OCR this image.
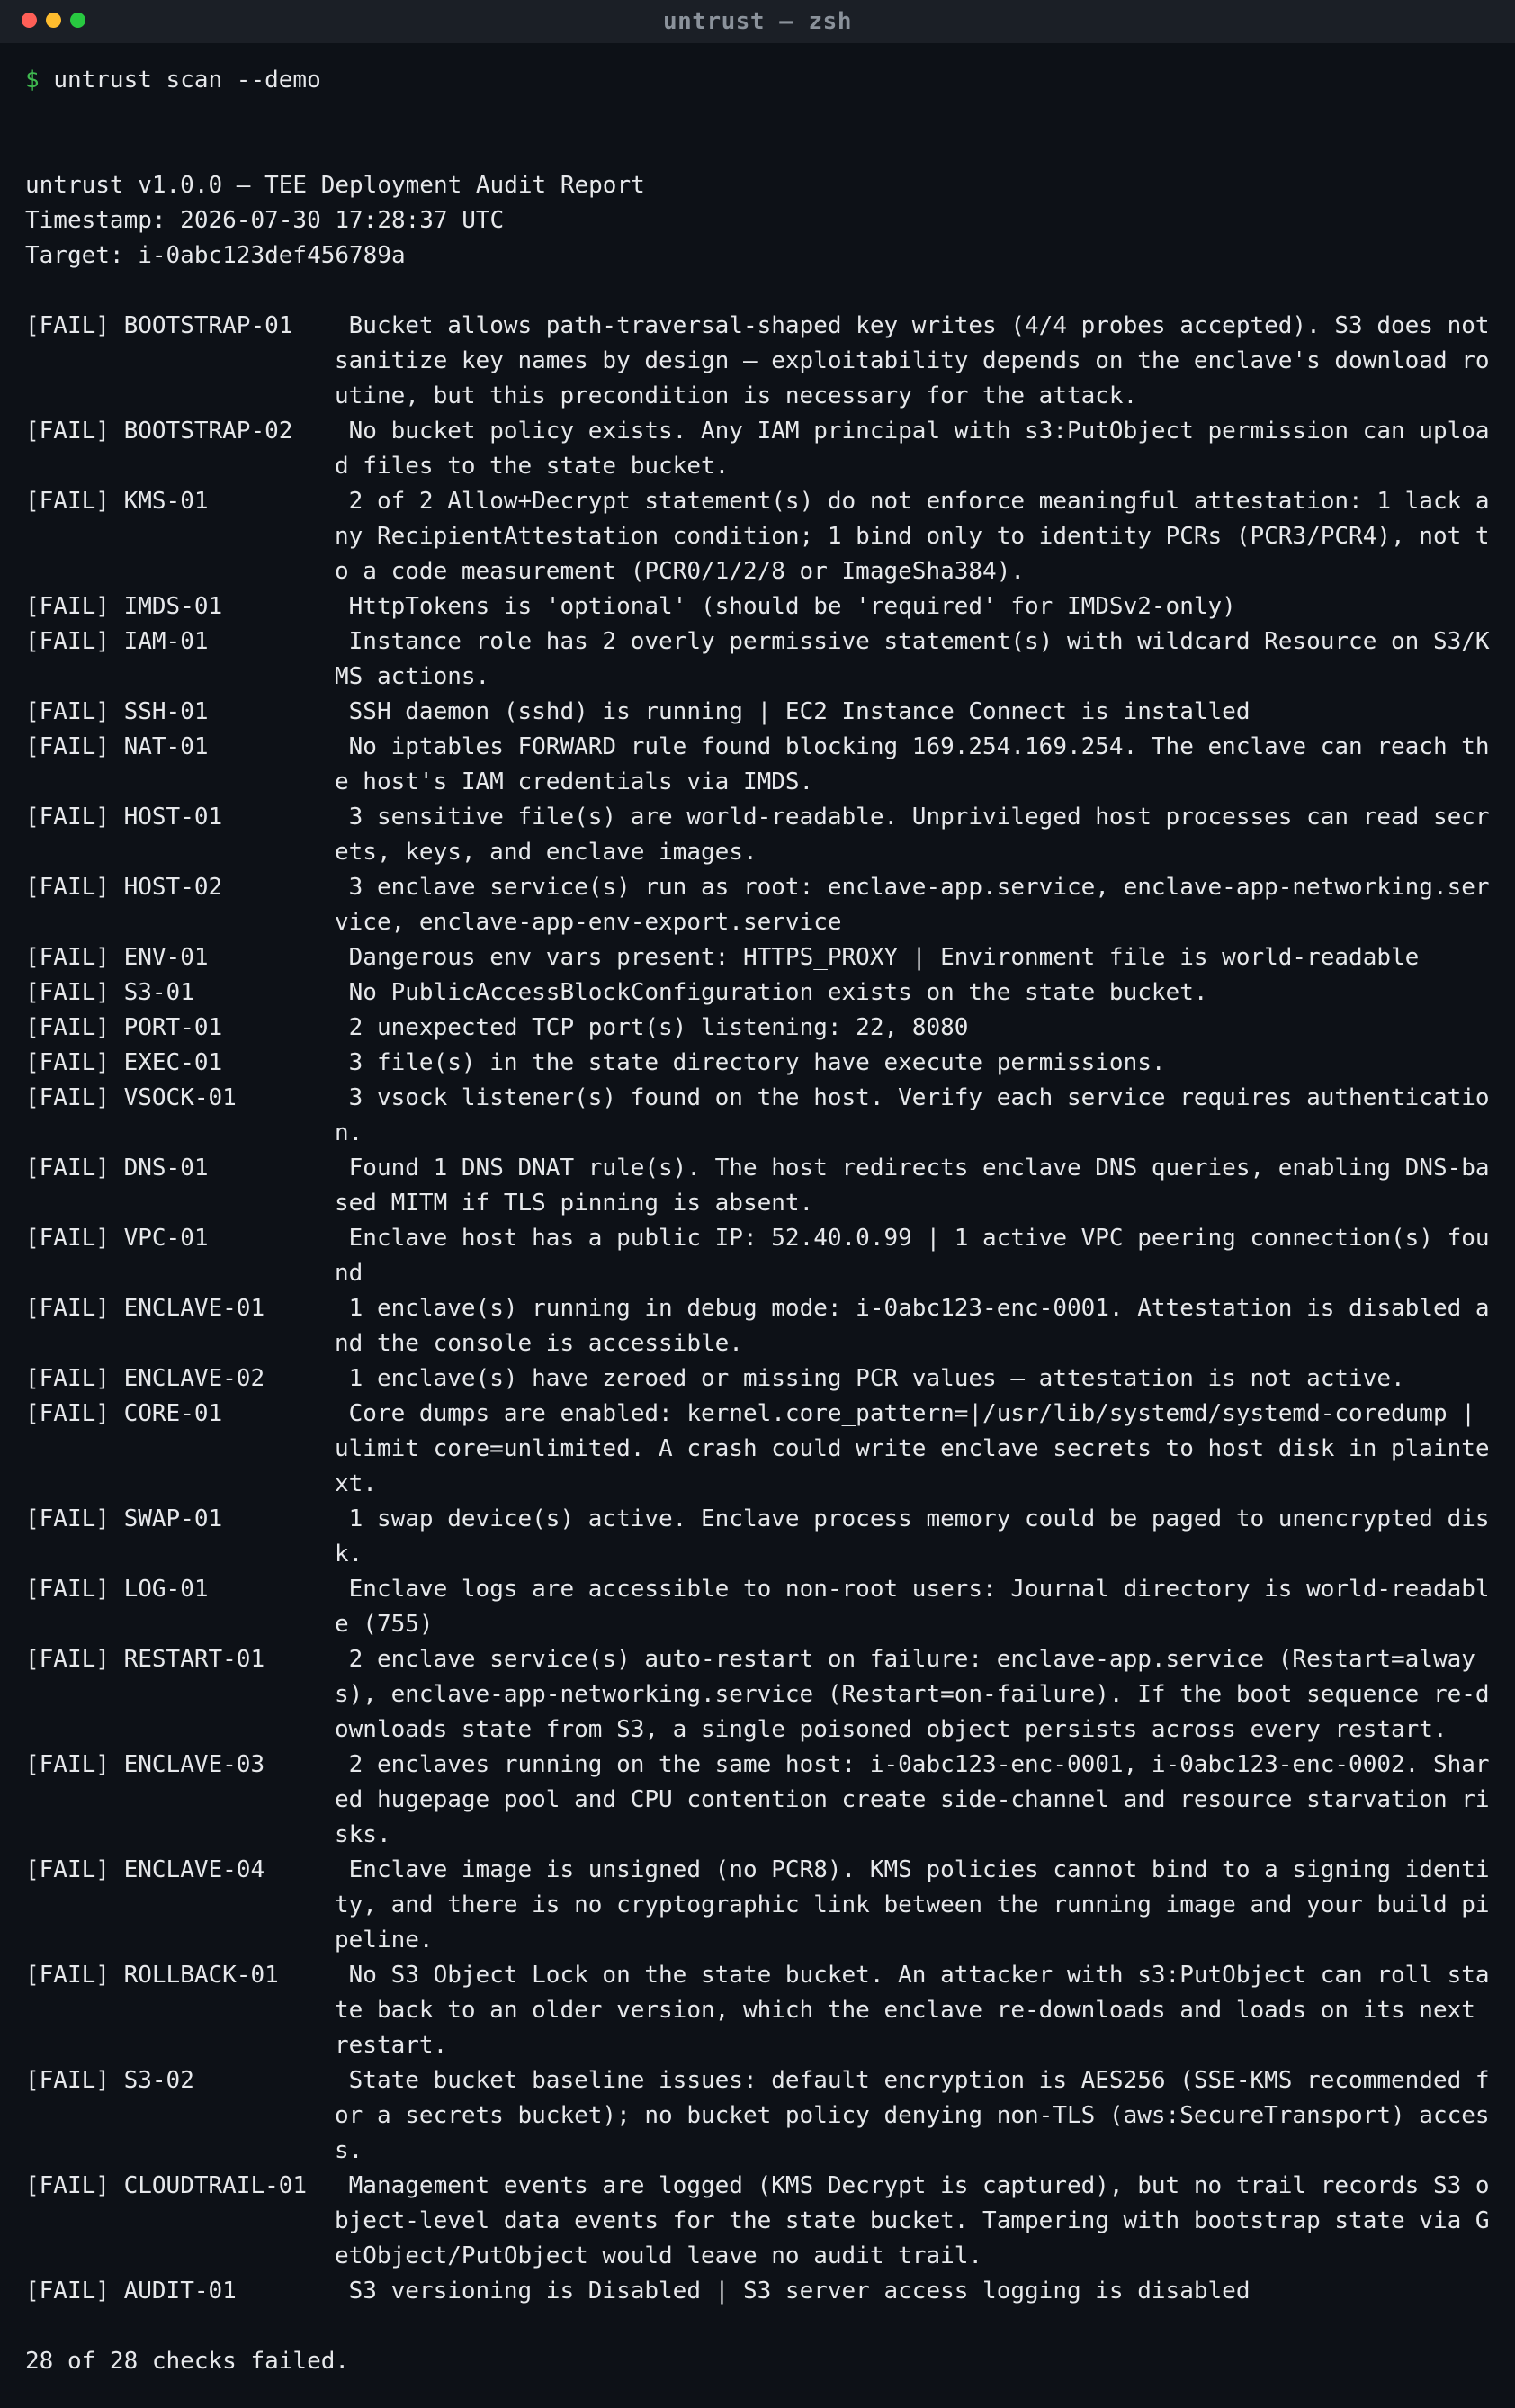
untrust — zsh
$ untrust scan --demo
untrust v1.0.0 — TEE Deployment Audit Report
Timestamp: 2026-07-30 17:28:37 UTC
Target: i-0abc123def456789a
[FAIL] BOOTSTRAP-01	Bucket allows path-traversal-shaped key writes (4/4 probes accepted). S3 does not sanitize key names by design — exploitability depends on the enclave's download routine, but this precondition is necessary for the attack.
[FAIL] BOOTSTRAP-02	No bucket policy exists. Any IAM principal with s3:PutObject permission can upload files to the state bucket.
[FAIL] KMS-01	2 of 2 Allow+Decrypt statement(s) do not enforce meaningful attestation: 1 lack any RecipientAttestation condition; 1 bind only to identity PCRs (PCR3/PCR4), not to a code measurement (PCR0/1/2/8 or ImageSha384).
[FAIL] IMDS-01	HttpTokens is 'optional' (should be 'required' for IMDSv2-only)
[FAIL] IAM-01	Instance role has 2 overly permissive statement(s) with wildcard Resource on S3/KMS actions.
[FAIL] SSH-01	SSH daemon (sshd) is running | EC2 Instance Connect is installed
[FAIL] NAT-01	No iptables FORWARD rule found blocking 169.254.169.254. The enclave can reach the host's IAM credentials via IMDS.
[FAIL] HOST-01	3 sensitive file(s) are world-readable. Unprivileged host processes can read secrets, keys, and enclave images.
[FAIL] HOST-02	3 enclave service(s) run as root: enclave-app.service, enclave-app-networking.service, enclave-app-env-export.service
[FAIL] ENV-01	Dangerous env vars present: HTTPS_PROXY | Environment file is world-readable
[FAIL] S3-01	No PublicAccessBlockConfiguration exists on the state bucket.
[FAIL] PORT-01	2 unexpected TCP port(s) listening: 22, 8080
[FAIL] EXEC-01	3 file(s) in the state directory have execute permissions.
[FAIL] VSOCK-01	3 vsock listener(s) found on the host. Verify each service requires authentication.
[FAIL] DNS-01	Found 1 DNS DNAT rule(s). The host redirects enclave DNS queries, enabling DNS-based MITM if TLS pinning is absent.
[FAIL] VPC-01	Enclave host has a public IP: 52.40.0.99 | 1 active VPC peering connection(s) found
[FAIL] ENCLAVE-01	1 enclave(s) running in debug mode: i-0abc123-enc-0001. Attestation is disabled and the console is accessible.
[FAIL] ENCLAVE-02	1 enclave(s) have zeroed or missing PCR values — attestation is not active.
[FAIL] CORE-01	Core dumps are enabled: kernel.core_pattern=|/usr/lib/systemd/systemd-coredump | ulimit core=unlimited. A crash could write enclave secrets to host disk in plaintext.
[FAIL] SWAP-01	1 swap device(s) active. Enclave process memory could be paged to unencrypted disk.
[FAIL] LOG-01	Enclave logs are accessible to non-root users: Journal directory is world-readable (755)
[FAIL] RESTART-01	2 enclave service(s) auto-restart on failure: enclave-app.service (Restart=always), enclave-app-networking.service (Restart=on-failure). If the boot sequence re-downloads state from S3, a single poisoned object persists across every restart.
[FAIL] ENCLAVE-03	2 enclaves running on the same host: i-0abc123-enc-0001, i-0abc123-enc-0002. Shared hugepage pool and CPU contention create side-channel and resource starvation risks.
[FAIL] ENCLAVE-04	Enclave image is unsigned (no PCR8). KMS policies cannot bind to a signing identity, and there is no cryptographic link between the running image and your build pipeline.
[FAIL] ROLLBACK-01	No S3 Object Lock on the state bucket. An attacker with s3:PutObject can roll state back to an older version, which the enclave re-downloads and loads on its next restart.
[FAIL] S3-02	State bucket baseline issues: default encryption is AES256 (SSE-KMS recommended for a secrets bucket); no bucket policy denying non-TLS (aws:SecureTransport) access.
[FAIL] CLOUDTRAIL-01	Management events are logged (KMS Decrypt is captured), but no trail records S3 object-level data events for the state bucket. Tampering with bootstrap state via GetObject/PutObject would leave no audit trail.
[FAIL] AUDIT-01	S3 versioning is Disabled | S3 server access logging is disabled
28 of 28 checks failed.
